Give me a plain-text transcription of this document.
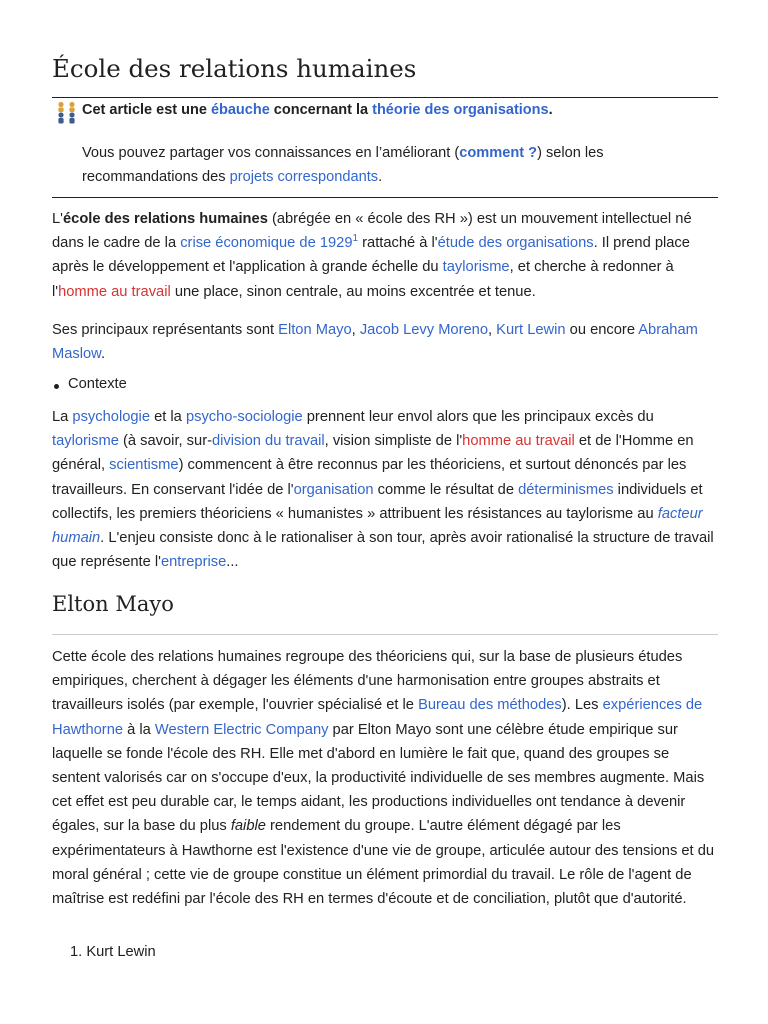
École des relations humaines
Cet article est une ébauche concernant la théorie des organisations.
Vous pouvez partager vos connaissances en l’améliorant (comment ?) selon les recommandations des projets correspondants.
L'école des relations humaines (abrégée en « école des RH ») est un mouvement intellectuel né dans le cadre de la crise économique de 1929$^1$ rattaché à l'étude des organisations. Il prend place après le développement et l'application à grande échelle du taylorisme, et cherche à redonner à l'homme au travail une place, sinon centrale, au moins excentrée et tenue.
Ses principaux représentants sont Elton Mayo, Jacob Levy Moreno, Kurt Lewin ou encore Abraham Maslow.
Contexte
La psychologie et la psycho-sociologie prennent leur envol alors que les principaux excès du taylorisme (à savoir, sur-division du travail, vision simpliste de l'homme au travail et de l'Homme en général, scientisme) commencent à être reconnus par les théoriciens, et surtout dénoncés par les travailleurs. En conservant l'idée de l'organisation comme le résultat de déterminismes individuels et collectifs, les premiers théoriciens « humanistes » attribuent les résistances au taylorisme au facteur humain. L'enjeu consiste donc à le rationaliser à son tour, après avoir rationalisé la structure de travail que représente l'entreprise...
Elton Mayo
Cette école des relations humaines regroupe des théoriciens qui, sur la base de plusieurs études empiriques, cherchent à dégager les éléments d'une harmonisation entre groupes abstraits et travailleurs isolés (par exemple, l'ouvrier spécialisé et le Bureau des méthodes). Les expériences de Hawthorne à la Western Electric Company par Elton Mayo sont une célèbre étude empirique sur laquelle se fonde l'école des RH. Elle met d'abord en lumière le fait que, quand des groupes se sentent valorisés car on s'occupe d'eux, la productivité individuelle de ses membres augmente. Mais cet effet est peu durable car, le temps aidant, les productions individuelles ont tendance à devenir égales, sur la base du plus faible rendement du groupe. L'autre élément dégagé par les expérimentateurs à Hawthorne est l'existence d'une vie de groupe, articulée autour des tensions et du moral général ; cette vie de groupe constitue un élément primordial du travail. Le rôle de l'agent de maîtrise est redéfini par l'école des RH en termes d'écoute et de conciliation, plutôt que d'autorité.
1. Kurt Lewin
